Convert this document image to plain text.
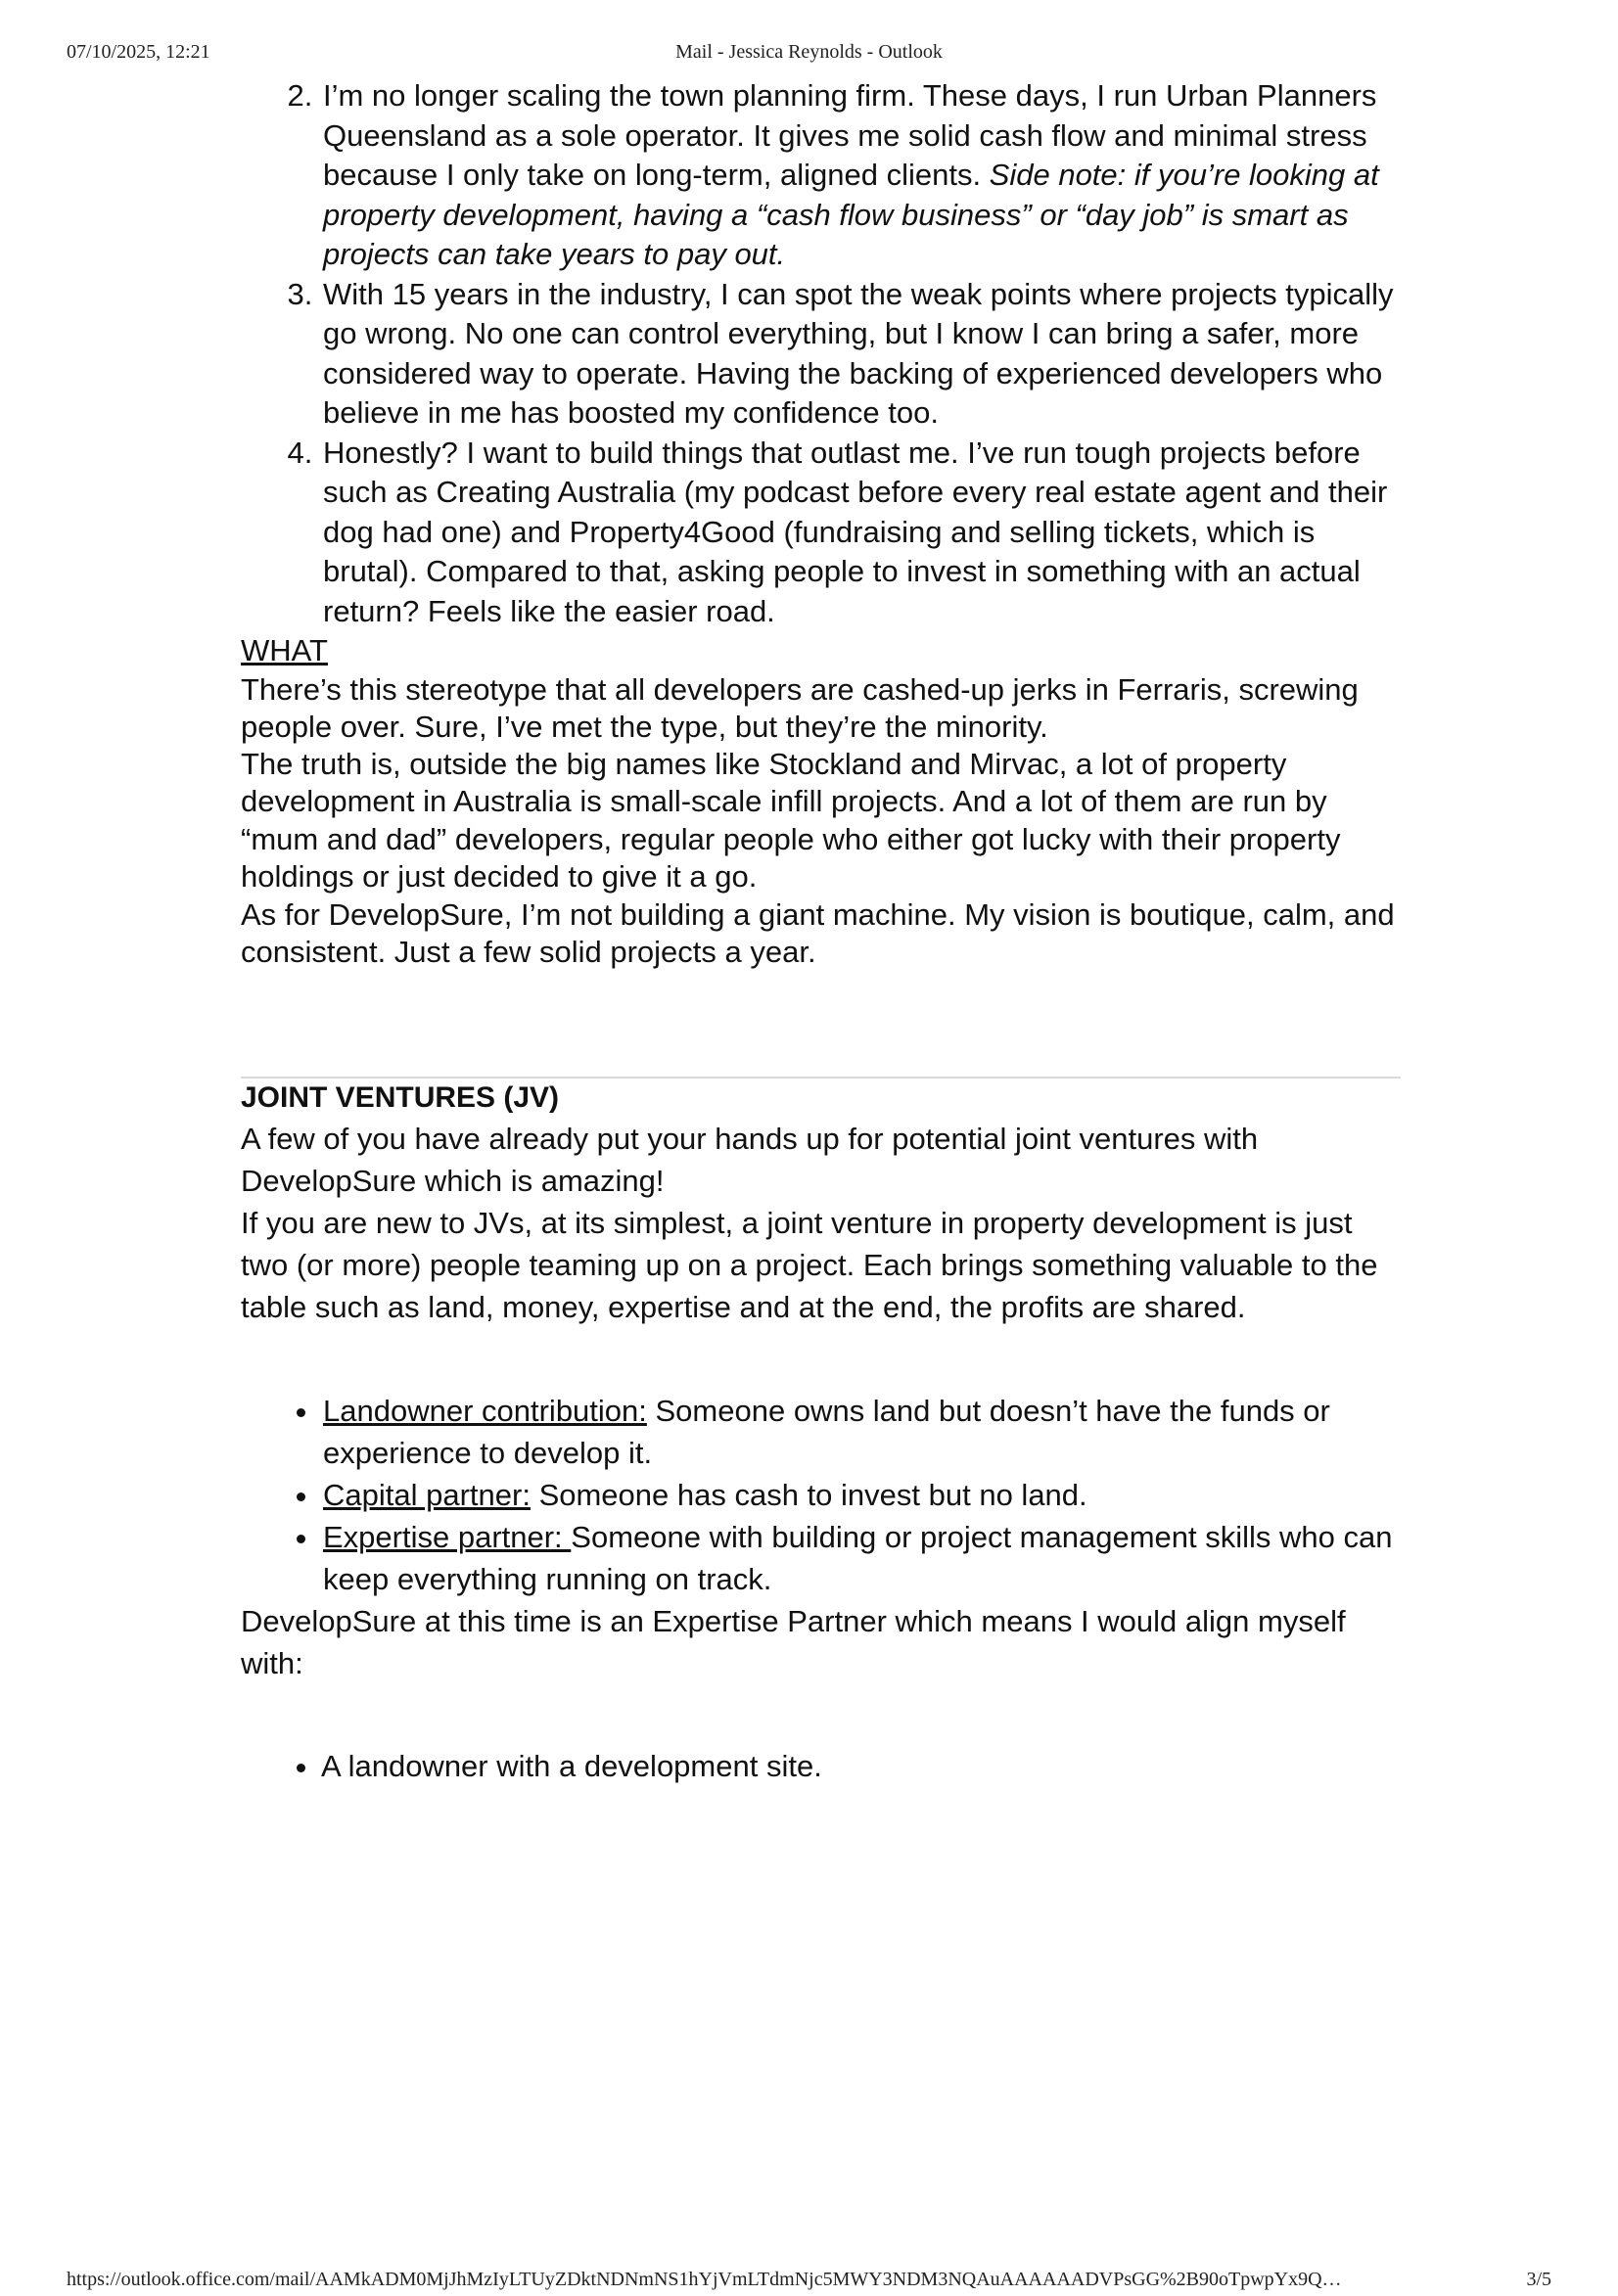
07/10/2025, 12:21	Mail - Jessica Reynolds - Outlook
2. I’m no longer scaling the town planning firm. These days, I run Urban Planners Queensland as a sole operator. It gives me solid cash flow and minimal stress because I only take on long-term, aligned clients. Side note: if you’re looking at property development, having a “cash flow business” or “day job” is smart as projects can take years to pay out.
3. With 15 years in the industry, I can spot the weak points where projects typically go wrong. No one can control everything, but I know I can bring a safer, more considered way to operate. Having the backing of experienced developers who believe in me has boosted my confidence too.
4. Honestly? I want to build things that outlast me. I’ve run tough projects before such as Creating Australia (my podcast before every real estate agent and their dog had one) and Property4Good (fundraising and selling tickets, which is brutal). Compared to that, asking people to invest in something with an actual return? Feels like the easier road.

WHAT

There’s this stereotype that all developers are cashed-up jerks in Ferraris, screwing people over. Sure, I’ve met the type, but they’re the minority.

The truth is, outside the big names like Stockland and Mirvac, a lot of property development in Australia is small-scale infill projects. And a lot of them are run by “mum and dad” developers, regular people who either got lucky with their property holdings or just decided to give it a go.

As for DevelopSure, I’m not building a giant machine. My vision is boutique, calm, and consistent. Just a few solid projects a year.

JOINT VENTURES (JV)

A few of you have already put your hands up for potential joint ventures with DevelopSure which is amazing!

If you are new to JVs, at its simplest, a joint venture in property development is just two (or more) people teaming up on a project. Each brings something valuable to the table such as land, money, expertise and at the end, the profits are shared.

• Landowner contribution: Someone owns land but doesn’t have the funds or experience to develop it.
• Capital partner: Someone has cash to invest but no land.
• Expertise partner: Someone with building or project management skills who can keep everything running on track.

DevelopSure at this time is an Expertise Partner which means I would align myself with:

• A landowner with a development site.
https://outlook.office.com/mail/AAMkADM0MjJhMzIyLTUyZDktNDNmNS1hYjVmLTdmNjc5MWY3NDM3NQAuAAAAAADVPsGG%2B90oTpwpYx9Q…	3/5
